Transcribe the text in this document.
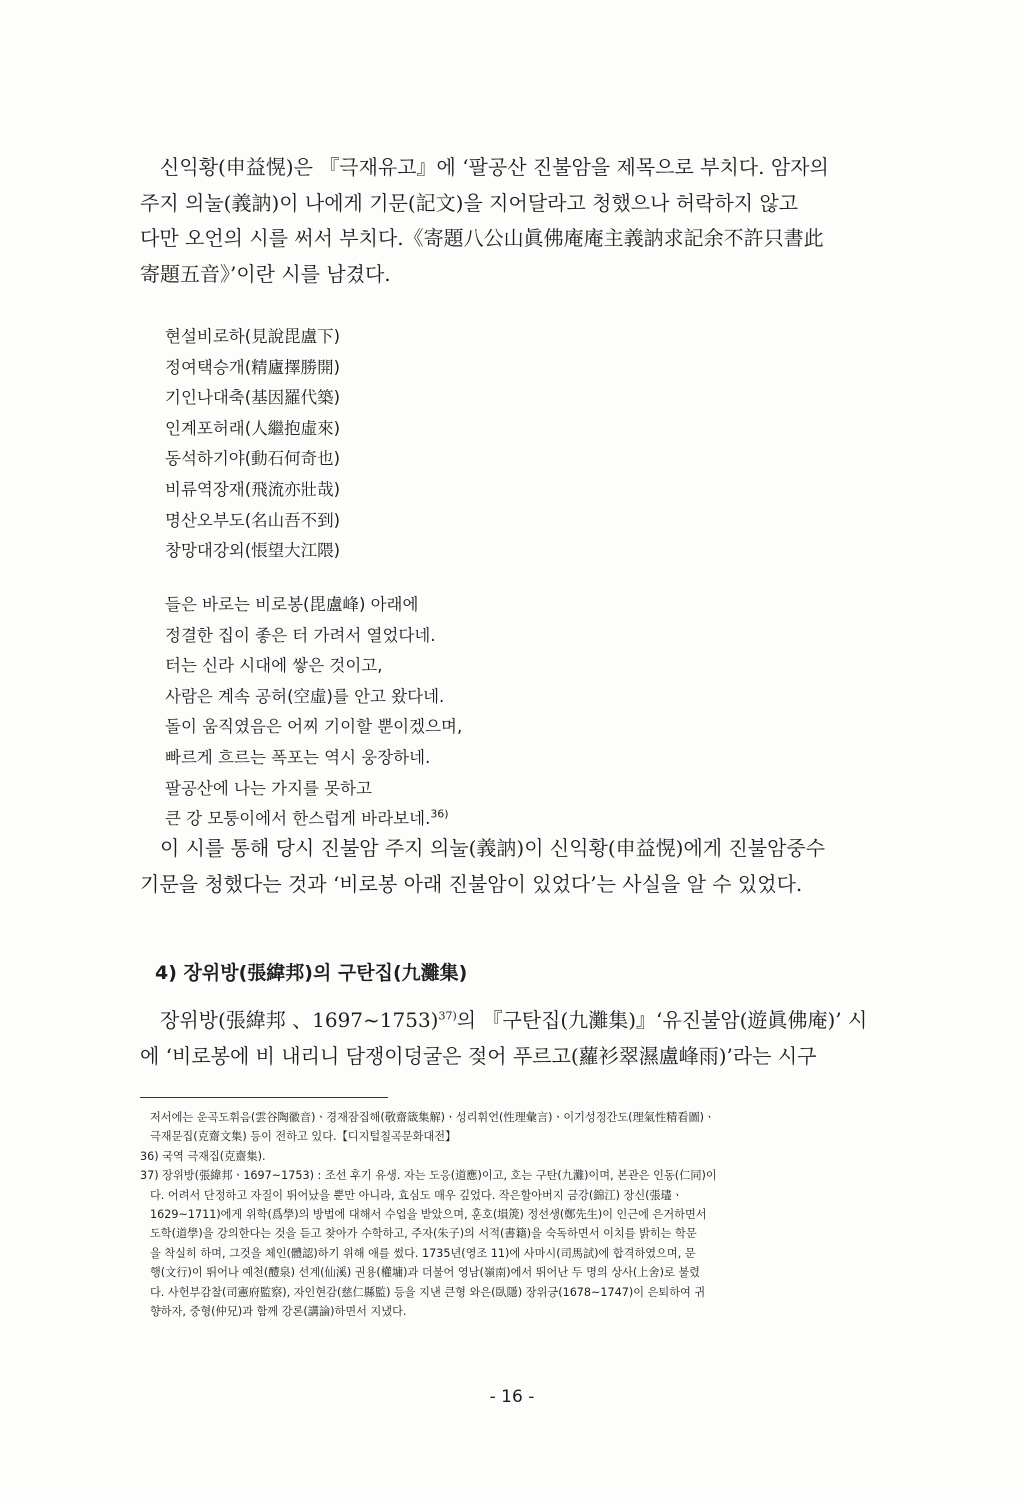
신익황(申益愰)은 『극재유고』에 ‘팔공산 진불암을 제목으로 부치다. 암자의
주지 의눌(義訥)이 나에게 기문(記文)을 지어달라고 청했으나 허락하지 않고
다만 오언의 시를 써서 부치다.《寄題八公山眞佛庵庵主義訥求記余不許只書此
寄題五音》’이란 시를 남겼다.

현설비로하(見說毘盧下)
정여택승개(精廬擇勝開)
기인나대축(基因羅代築)
인계포허래(人繼抱虛來)
동석하기야(動石何奇也)
비류역장재(飛流亦壯哉)
명산오부도(名山吾不到)
창망대강외(悵望大江隈)
들은 바로는 비로봉(毘盧峰) 아래에
정결한 집이 좋은 터 가려서 열었다네.
터는 신라 시대에 쌓은 것이고,
사람은 계속 공허(空虛)를 안고 왔다네.
돌이 움직였음은 어찌 기이할 뿐이겠으며,
빠르게 흐르는 폭포는 역시 웅장하네.
팔공산에 나는 가지를 못하고
큰 강 모퉁이에서 한스럽게 바라보네.$^{36)}$

이 시를 통해 당시 진불암 주지 의눌(義訥)이 신익황(申益愰)에게 진불암중수
기문을 청했다는 것과 ‘비로봉 아래 진불암이 있었다’는 사실을 알 수 있었다.

4) 장위방(張緯邦)의 구탄집(九灘集)

장위방(張緯邦 、1697~1753)$^{37)}$의 『구탄집(九灘集)』‘유진불암(遊眞佛庵)’ 시
에 ‘비로봉에 비 내리니 담쟁이덩굴은 젖어 푸르고(蘿衫翠濕盧峰雨)’라는 시구

저서에는 운곡도휘음(雲谷陶徽音)ㆍ경재잠집해(敬齋箴集解)ㆍ성리휘언(性理彙言)ㆍ이기성정간도(理氣性精看圖)ㆍ
극재문집(克齋文集) 등이 전하고 있다.【디지털칠곡문화대전】
36) 국역 극재집(克齋集).
37) 장위방(張緯邦ㆍ1697~1753) : 조선 후기 유생. 자는 도응(道應)이고, 호는 구탄(九灘)이며, 본관은 인동(仁同)이
다. 어려서 단정하고 자질이 뛰어났을 뿐만 아니라, 효심도 매우 깊었다. 작은할아버지 금강(錦江) 장신(張璶ㆍ
1629~1711)에게 위학(爲學)의 방법에 대해서 수업을 받았으며, 훈호(塤箎) 정선생(鄭先生)이 인근에 은거하면서
도학(道學)을 강의한다는 것을 듣고 찾아가 수학하고, 주자(朱子)의 서적(書籍)을 숙독하면서 이치를 밝히는 학문
을 착실히 하며, 그것을 체인(體認)하기 위해 애를 썼다. 1735년(영조 11)에 사마시(司馬試)에 합격하였으며, 문
행(文行)이 뛰어나 예천(醴泉) 선계(仙溪) 권용(權墉)과 더불어 영남(嶺南)에서 뛰어난 두 명의 상사(上舍)로 불렸
다. 사헌부감찰(司憲府監察), 자인현감(慈仁縣監) 등을 지낸 큰형 와은(臥隱) 장위긍(1678~1747)이 은퇴하여 귀
향하자, 중형(仲兄)과 함께 강론(講論)하면서 지냈다.
- 16 -
